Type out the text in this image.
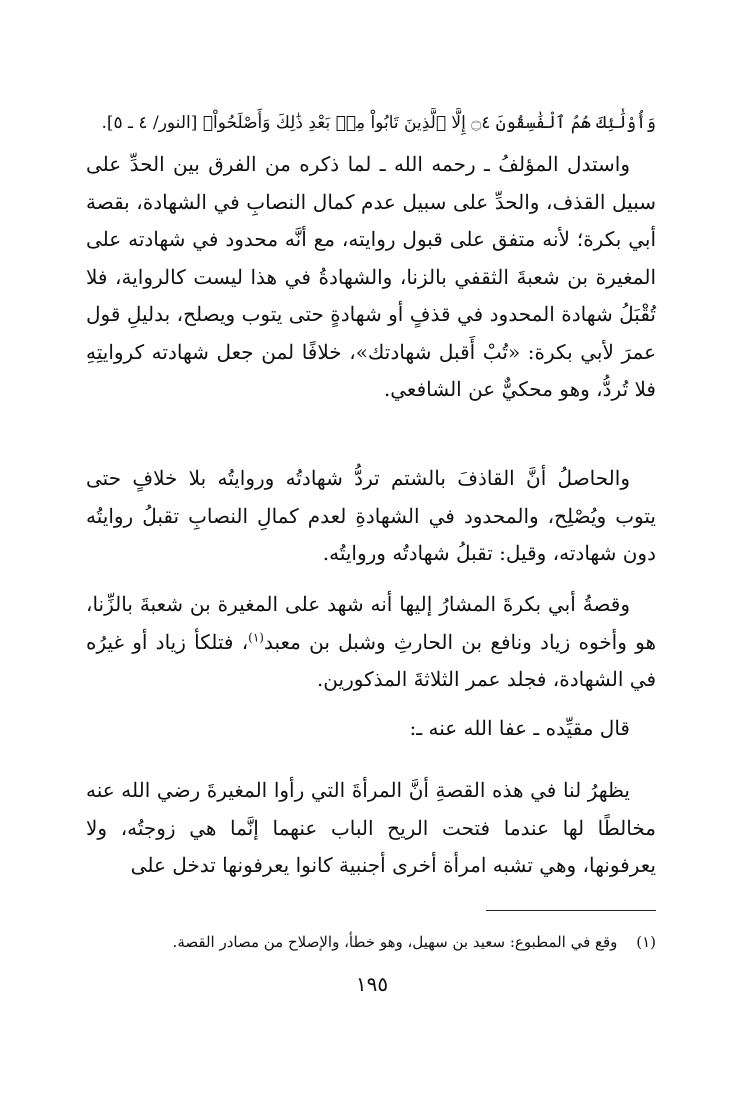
وَأُوْلَٰٓئِكَ هُمُ ٱلْفَٰسِقُونَ ۝٤ إِلَّا ٱلَّذِينَ تَابُواْ مِنۢ بَعْدِ ذَٰلِكَ وَأَصْلَحُواْ﴾ [النور/ ٤ ـ ٥].

واستدل المؤلفُ ـ رحمه الله ـ لما ذكره من الفرق بين الحدِّ على سبيل القذف، والحدِّ على سبيل عدم كمال النصابِ في الشهادة، بقصة أبي بكرة؛ لأنه متفق على قبول روايته، مع أنَّه محدود في شهادته على المغيرة بن شعبةَ الثقفي بالزنا، والشهادةُ في هذا ليست كالرواية، فلا تُقْبَلُ شهادة المحدود في قذفٍ أو شهادةٍ حتى يتوب ويصلح، بدليلِ قول عمرَ لأبي بكرة: «تُبْ أَقبل شهادتك»، خلافًا لمن جعل شهادته كروايتِهِ فلا تُردُّ، وهو محكيٌّ عن الشافعي.

والحاصلُ أنَّ القاذفَ بالشتم تردُّ شهادتُه وروايتُه بلا خلافٍ حتى يتوب ويُصْلِح، والمحدود في الشهادةِ لعدم كمالِ النصابِ تقبلُ روايتُه دون شهادته، وقيل: تقبلُ شهادتُه وروايتُه.

وقصةُ أبي بكرةَ المشارُ إليها أنه شهد على المغيرة بن شعبةَ بالزِّنا، هو وأخوه زياد ونافع بن الحارثِ وشبل بن معبد$^{(١)}$، فتلكأ زياد أو غيرُه في الشهادة، فجلد عمر الثلاثةَ المذكورين.

قال مقيِّده ـ عفا الله عنه ـ:

يظهرُ لنا في هذه القصةِ أنَّ المرأةَ التي رأوا المغيرةَ رضي الله عنه مخالطًا لها عندما فتحت الريح الباب عنهما إنَّما هي زوجتُه، ولا يعرفونها، وهي تشبه امرأة أخرى أجنبية كانوا يعرفونها تدخل على

(١) وقع في المطبوع: سعيد بن سهيل، وهو خطأ، والإصلاح من مصادر القصة.
١٩٥
